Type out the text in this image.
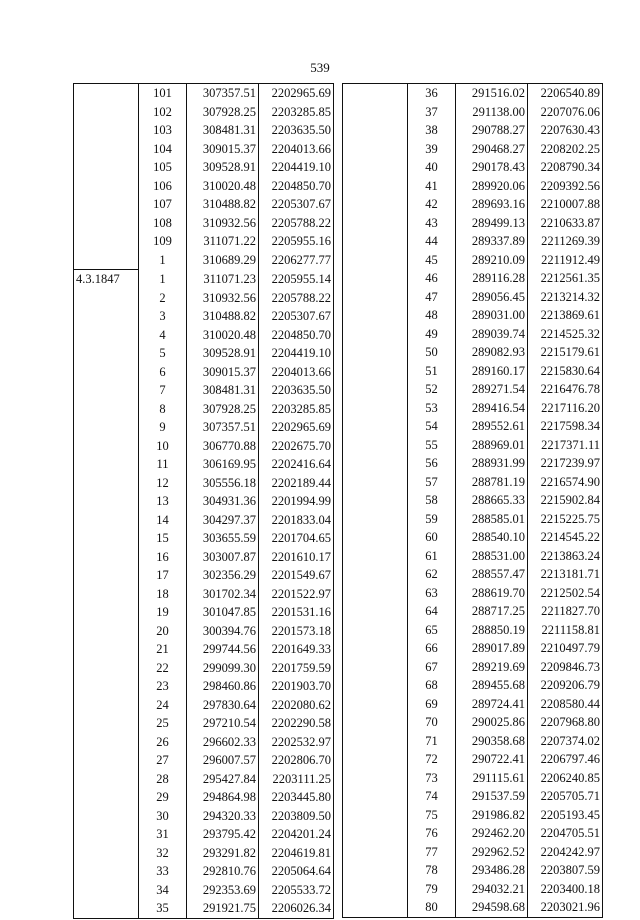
539
	101	307357.51	2202965.69
	102	307928.25	2203285.85
	103	308481.31	2203635.50
	104	309015.37	2204013.66
	105	309528.91	2204419.10
	106	310020.48	2204850.70
	107	310488.82	2205307.67
	108	310932.56	2205788.22
	109	311071.22	2205955.16
	1	310689.29	2206277.77
4.3.1847	1	311071.23	2205955.14
	2	310932.56	2205788.22
	3	310488.82	2205307.67
	4	310020.48	2204850.70
	5	309528.91	2204419.10
	6	309015.37	2204013.66
	7	308481.31	2203635.50
	8	307928.25	2203285.85
	9	307357.51	2202965.69
	10	306770.88	2202675.70
	11	306169.95	2202416.64
	12	305556.18	2202189.44
	13	304931.36	2201994.99
	14	304297.37	2201833.04
	15	303655.59	2201704.65
	16	303007.87	2201610.17
	17	302356.29	2201549.67
	18	301702.34	2201522.97
	19	301047.85	2201531.16
	20	300394.76	2201573.18
	21	299744.56	2201649.33
	22	299099.30	2201759.59
	23	298460.86	2201903.70
	24	297830.64	2202080.62
	25	297210.54	2202290.58
	26	296602.33	2202532.97
	27	296007.57	2202806.70
	28	295427.84	2203111.25
	29	294864.98	2203445.80
	30	294320.33	2203809.50
	31	293795.42	2204201.24
	32	293291.82	2204619.81
	33	292810.76	2205064.64
	34	292353.69	2205533.72
	35	291921.75	2206026.34
	36	291516.02	2206540.89
	37	291138.00	2207076.06
	38	290788.27	2207630.43
	39	290468.27	2208202.25
	40	290178.43	2208790.34
	41	289920.06	2209392.56
	42	289693.16	2210007.88
	43	289499.13	2210633.87
	44	289337.89	2211269.39
	45	289210.09	2211912.49
	46	289116.28	2212561.35
	47	289056.45	2213214.32
	48	289031.00	2213869.61
	49	289039.74	2214525.32
	50	289082.93	2215179.61
	51	289160.17	2215830.64
	52	289271.54	2216476.78
	53	289416.54	2217116.20
	54	289552.61	2217598.34
	55	288969.01	2217371.11
	56	288931.99	2217239.97
	57	288781.19	2216574.90
	58	288665.33	2215902.84
	59	288585.01	2215225.75
	60	288540.10	2214545.22
	61	288531.00	2213863.24
	62	288557.47	2213181.71
	63	288619.70	2212502.54
	64	288717.25	2211827.70
	65	288850.19	2211158.81
	66	289017.89	2210497.79
	67	289219.69	2209846.73
	68	289455.68	2209206.79
	69	289724.41	2208580.44
	70	290025.86	2207968.80
	71	290358.68	2207374.02
	72	290722.41	2206797.46
	73	291115.61	2206240.85
	74	291537.59	2205705.71
	75	291986.82	2205193.45
	76	292462.20	2204705.51
	77	292962.52	2204242.97
	78	293486.28	2203807.59
	79	294032.21	2203400.18
	80	294598.68	2203021.96
